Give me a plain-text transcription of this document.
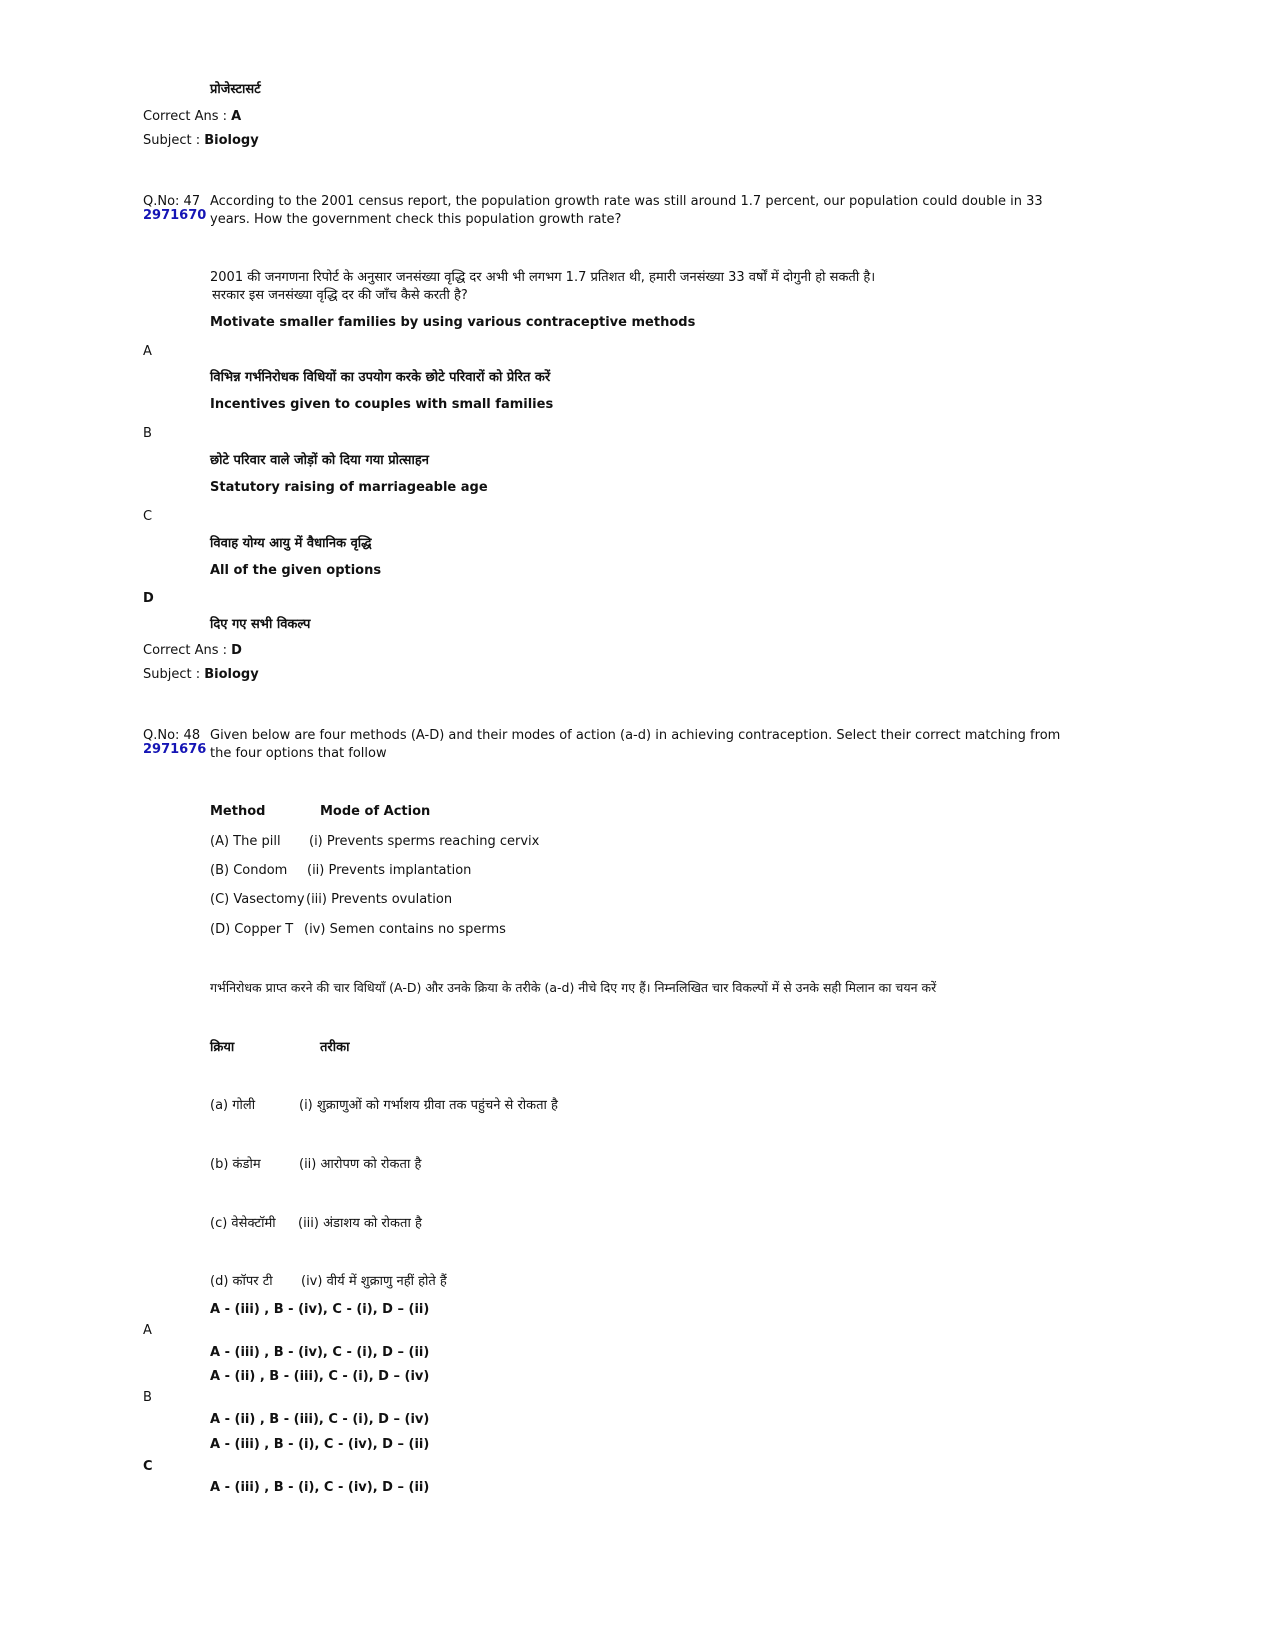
प्रोजेस्टासर्ट
Correct Ans : A
Subject : Biology
Q.No: 47
2971670
According to the 2001 census report, the population growth rate was still around 1.7 percent, our population could double in 33 years. How the government check this population growth rate?
2001 की जनगणना रिपोर्ट के अनुसार जनसंख्या वृद्धि दर अभी भी लगभग 1.7 प्रतिशत थी, हमारी जनसंख्या 33 वर्षों में दोगुनी हो सकती है।
सरकार इस जनसंख्या वृद्धि दर की जाँच कैसे करती है?
Motivate smaller families by using various contraceptive methods
A
विभिन्न गर्भनिरोधक विधियों का उपयोग करके छोटे परिवारों को प्रेरित करें
Incentives given to couples with small families
B
छोटे परिवार वाले जोड़ों को दिया गया प्रोत्साहन
Statutory raising of marriageable age
C
विवाह योग्य आयु में वैधानिक वृद्धि
All of the given options
D
दिए गए सभी विकल्प
Correct Ans : D
Subject : Biology
Q.No: 48
2971676
Given below are four methods (A-D) and their modes of action (a-d) in achieving contraception. Select their correct matching from the four options that follow
Method	Mode of Action
(A) The pill (i) Prevents sperms reaching cervix
(B) Condom (ii) Prevents implantation
(C) Vasectomy (iii) Prevents ovulation
(D) Copper T (iv) Semen contains no sperms
गर्भनिरोधक प्राप्त करने की चार विधियाँ (A-D) और उनके क्रिया के तरीके (a-d) नीचे दिए गए हैं। निम्नलिखित चार विकल्पों में से उनके सही मिलान का चयन करें
क्रिया	तरीका
(a) गोली	(i) शुक्राणुओं को गर्भाशय ग्रीवा तक पहुंचने से रोकता है
(b) कंडोम	(ii) आरोपण को रोकता है
(c) वेसेक्टॉमी (iii) अंडाशय को रोकता है
(d) कॉपर टी (iv) वीर्य में शुक्राणु नहीं होते हैं
A - (iii) , B - (iv), C - (i), D – (ii)
A
A - (iii) , B - (iv), C - (i), D – (ii)
A - (ii) , B - (iii), C - (i), D – (iv)
B
A - (ii) , B - (iii), C - (i), D – (iv)
A - (iii) , B - (i), C - (iv), D – (ii)
C
A - (iii) , B - (i), C - (iv), D – (ii)
